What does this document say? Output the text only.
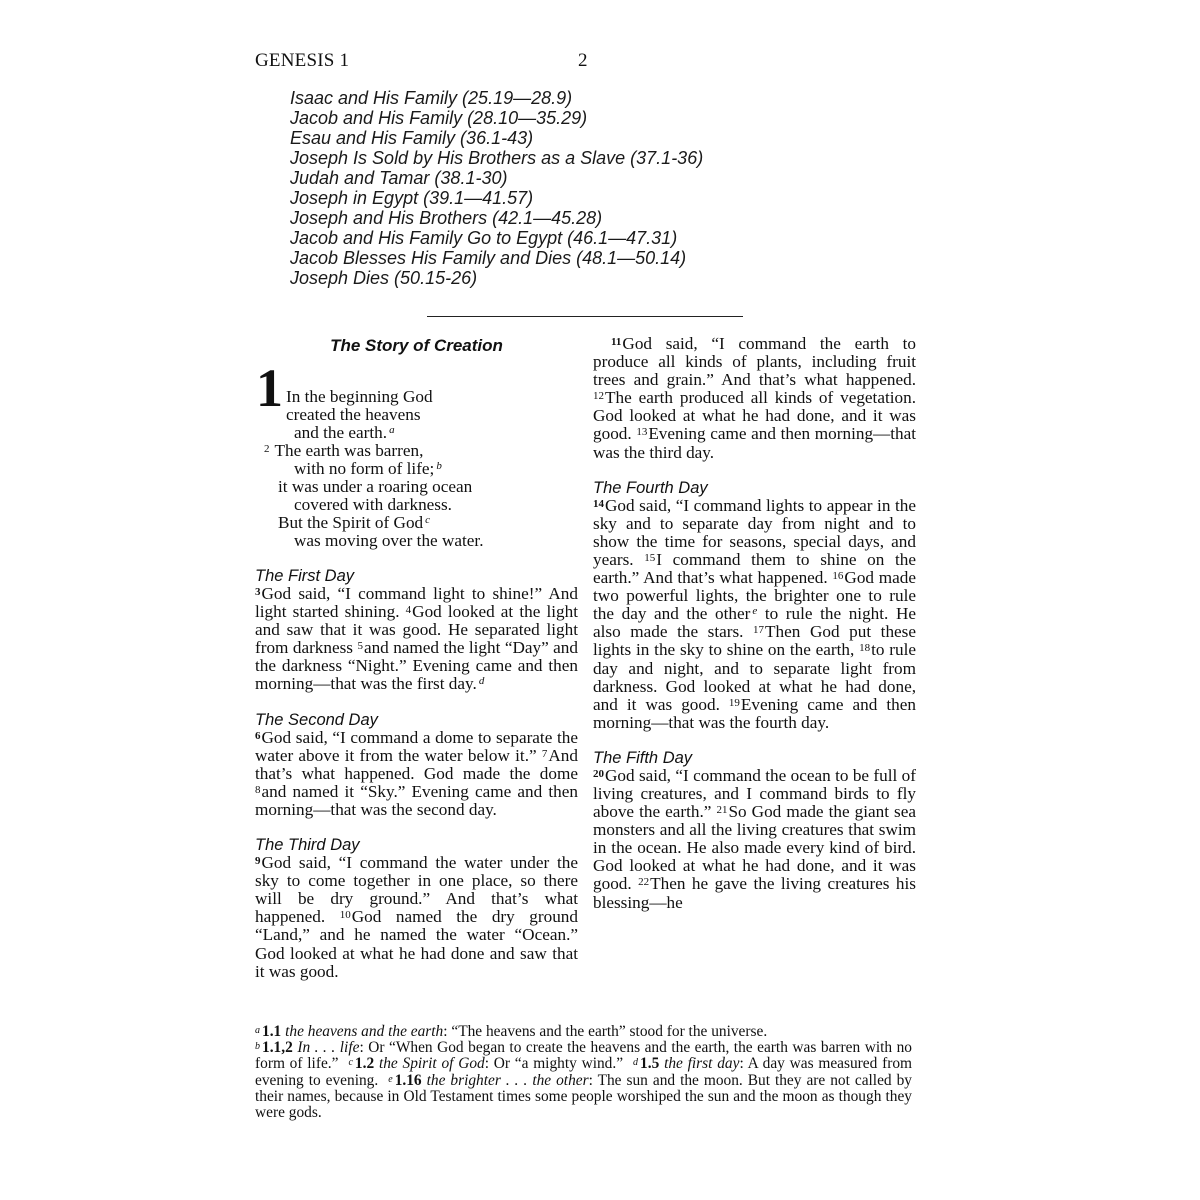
GENESIS 1	2
Isaac and His Family (25.19—28.9)
Jacob and His Family (28.10—35.29)
Esau and His Family (36.1-43)
Joseph Is Sold by His Brothers as a Slave (37.1-36)
Judah and Tamar (38.1-30)
Joseph in Egypt (39.1—41.57)
Joseph and His Brothers (42.1—45.28)
Jacob and His Family Go to Egypt (46.1—47.31)
Jacob Blesses His Family and Dies (48.1—50.14)
Joseph Dies (50.15-26)
The Story of Creation
1 In the beginning God
created the heavens
and the earth. $^a$
$^2$ The earth was barren,
with no form of life; $^b$
it was under a roaring ocean
covered with darkness.
But the Spirit of God $^c$
was moving over the water.

The First Day

$^3$God said, “I command light to shine!” And light started shining. $^4$God looked at the light and saw that it was good. He separated light from darkness $^5$and named the light “Day” and the darkness “Night.” Evening came and then morning—that was the first day. $^d$

The Second Day

$^6$God said, “I command a dome to separate the water above it from the water below it.” $^7$And that’s what happened. God made the dome $^8$and named it “Sky.” Evening came and then morning—that was the second day.

The Third Day

$^9$God said, “I command the water under the sky to come together in one place, so there will be dry ground.” And that’s what happened. $^{10}$God named the dry ground “Land,” and he named the water “Ocean.” God looked at what he had done and saw that it was good.

$^{11}$God said, “I command the earth to produce all kinds of plants, including fruit trees and grain.” And that’s what happened. $^{12}$The earth produced all kinds of vegetation. God looked at what he had done, and it was good. $^{13}$Evening came and then morning—that was the third day.

The Fourth Day

$^{14}$God said, “I command lights to appear in the sky and to separate day from night and to show the time for seasons, special days, and years. $^{15}$I command them to shine on the earth.” And that’s what happened. $^{16}$God made two powerful lights, the brighter one to rule the day and the other $^e$ to rule the night. He also made the stars. $^{17}$Then God put these lights in the sky to shine on the earth, $^{18}$to rule day and night, and to separate light from darkness. God looked at what he had done, and it was good. $^{19}$Evening came and then morning—that was the fourth day.

The Fifth Day

$^{20}$God said, “I command the ocean to be full of living creatures, and I command birds to fly above the earth.” $^{21}$So God made the giant sea monsters and all the living creatures that swim in the ocean. He also made every kind of bird. God looked at what he had done, and it was good. $^{22}$Then he gave the living creatures his blessing—he

a 1.1 the heavens and the earth: “The heavens and the earth” stood for the universe.
b 1.1,2 In . . . life: Or “When God began to create the heavens and the earth, the earth was barren with no form of life.” c 1.2 the Spirit of God: Or “a mighty wind.” d 1.5 the first day: A day was measured from evening to evening. e 1.16 the brighter . . . the other: The sun and the moon. But they are not called by their names, because in Old Testament times some people worshiped the sun and the moon as though they were gods.
